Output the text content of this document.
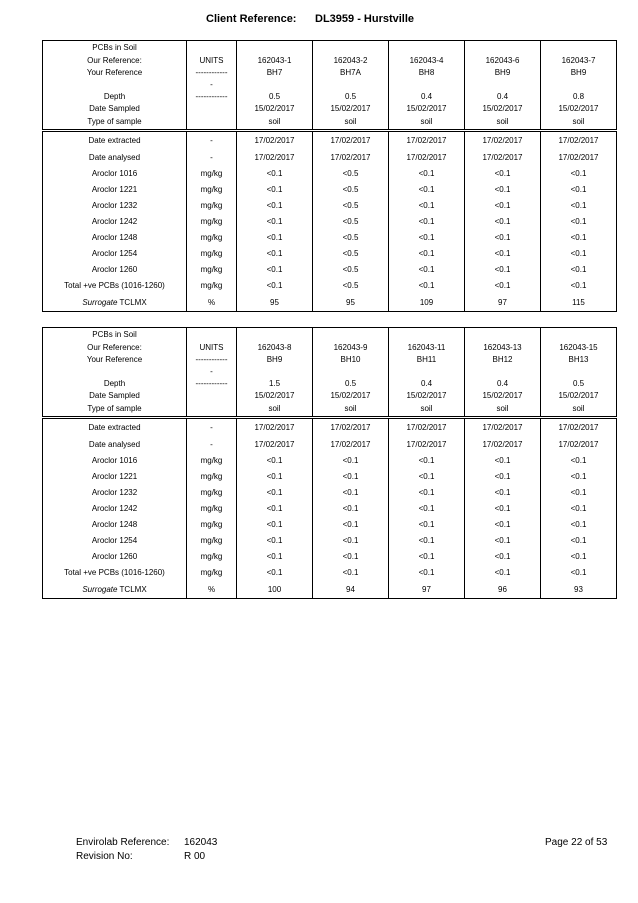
Client Reference: DL3959 - Hurstville
PCBs in Soil						
Our Reference:	UNITS	162043-1	162043-2	162043-4	162043-6	162043-7
Your Reference	------------	BH7	BH7A	BH8	BH9	BH9
	-					
Depth	------------	0.5	0.5	0.4	0.4	0.8
Date Sampled		15/02/2017	15/02/2017	15/02/2017	15/02/2017	15/02/2017
Type of sample		soil	soil	soil	soil	soil
Date extracted	-	17/02/2017	17/02/2017	17/02/2017	17/02/2017	17/02/2017
Date analysed	-	17/02/2017	17/02/2017	17/02/2017	17/02/2017	17/02/2017
Aroclor 1016	mg/kg	<0.1	<0.5	<0.1	<0.1	<0.1
Aroclor 1221	mg/kg	<0.1	<0.5	<0.1	<0.1	<0.1
Aroclor 1232	mg/kg	<0.1	<0.5	<0.1	<0.1	<0.1
Aroclor 1242	mg/kg	<0.1	<0.5	<0.1	<0.1	<0.1
Aroclor 1248	mg/kg	<0.1	<0.5	<0.1	<0.1	<0.1
Aroclor 1254	mg/kg	<0.1	<0.5	<0.1	<0.1	<0.1
Aroclor 1260	mg/kg	<0.1	<0.5	<0.1	<0.1	<0.1
Total +ve PCBs (1016-1260)	mg/kg	<0.1	<0.5	<0.1	<0.1	<0.1
Surrogate TCLMX	%	95	95	109	97	115
PCBs in Soil						
Our Reference:	UNITS	162043-8	162043-9	162043-11	162043-13	162043-15
Your Reference	------------	BH9	BH10	BH11	BH12	BH13
	-					
Depth	------------	1.5	0.5	0.4	0.4	0.5
Date Sampled		15/02/2017	15/02/2017	15/02/2017	15/02/2017	15/02/2017
Type of sample		soil	soil	soil	soil	soil
Date extracted	-	17/02/2017	17/02/2017	17/02/2017	17/02/2017	17/02/2017
Date analysed	-	17/02/2017	17/02/2017	17/02/2017	17/02/2017	17/02/2017
Aroclor 1016	mg/kg	<0.1	<0.1	<0.1	<0.1	<0.1
Aroclor 1221	mg/kg	<0.1	<0.1	<0.1	<0.1	<0.1
Aroclor 1232	mg/kg	<0.1	<0.1	<0.1	<0.1	<0.1
Aroclor 1242	mg/kg	<0.1	<0.1	<0.1	<0.1	<0.1
Aroclor 1248	mg/kg	<0.1	<0.1	<0.1	<0.1	<0.1
Aroclor 1254	mg/kg	<0.1	<0.1	<0.1	<0.1	<0.1
Aroclor 1260	mg/kg	<0.1	<0.1	<0.1	<0.1	<0.1
Total +ve PCBs (1016-1260)	mg/kg	<0.1	<0.1	<0.1	<0.1	<0.1
Surrogate TCLMX	%	100	94	97	96	93
Envirolab Reference: 162043
Revision No:	R 00
Page 22 of 53
